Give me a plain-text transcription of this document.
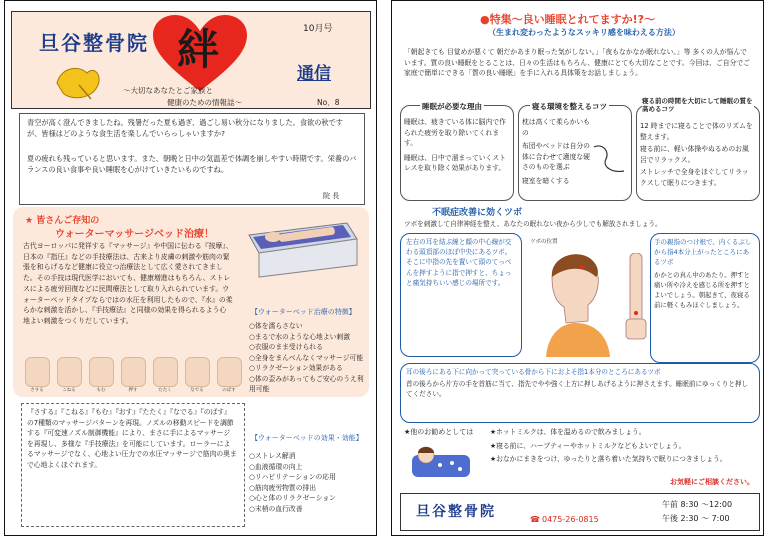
旦谷整骨院 絆	10月号
通信
～大切なあなたとご家族と
健康のための情報誌～	No．8
青空が高く澄んできましたね。残暑だった夏も過ぎ、過ごし易い秋分になりました。食欲の秋ですが、皆様はどのような食生活を楽しんでいらっしゃいますか?
夏の疲れも残っていると思います。また、朝晩と日中の気温差で体調を崩しやすい時期です。栄養のバランスの良い食事や良い睡眠を心がけていきたいものですね。
院 長
★ 皆さんご存知の
ウォーターマッサージベッド治療！
古代ヨーロッパに発祥する『マッサージ』や中国に伝わる『按摩』、日本の『指圧』などの手技療法は、古来より皮膚の刺激や筋肉の緊張を和らげるなど健康に役立つ治療法として広く愛されてきました。その手技は現代医学においても、健康増進はもちろん、ストレスによる疲労回復などに民間療法として取り入れられています。ウォーターベッドタイプならではの水圧を利用したもので、『水』の柔らかな刺激を活かし、『手技療法』と同様の効果を得られるよう心地よい刺激をつくりだしています。
さする	こねる	もむ	押す	たたく	なでる	のばす
【ウォーターベッド治療の特徴】
○体を濡らさない
○まるで水のような心地よい刺激
○衣服のまま受けられる
○全身をまんべんなくマッサージ可能
○リラクゼーション効果がある
○体の歪みがあってもご安心のうえ利用可能
『さする』『こねる』『もむ』『おす』『たたく』『なでる』『のばす』の7種類のマッサージパターンを再現。ノズルの移動スピードを調節する『可変速ノズル制御機能』により、まさに手によるマッサージを再現し、多様な『手技療法』を可能にしています。ローラーによるマッサージでなく、心地よい圧力での水圧マッサージで筋肉の奥まで心地よくほぐれます。
【ウォーターベッドの効果・効能】
○ストレス解消
○血液循環の向上
○リハビリテーションの応用
○筋肉疲労物質の排出
○心と体のリラクゼーション
○末梢の血行改善
●特集～良い睡眠とれてますか!?～
（生まれ変わったようなスッキリ感を味わえる方法）
「朝起きても 目覚めが悪くて 朝だかあまり眠った気がしない。」「夜もなかなか眠れない。」等 多くの人が悩んでいます。質の良い睡眠をとることは、日々の生活はもちろん、健康にとても大切なことです。今回は、ご自分でご家庭で簡単にできる「質の良い睡眠」を手に入れる具体策をお話しましょう。
睡眠が必要な理由
睡眠は、疲きている体に脳内で作られた疲労を取り除いてくれます。
睡眠は、日中で溜まっていくストレスを取り除く効果があります。
寝る環境を整えるコツ
枕は高くて柔らかいもの
布団やベッドは自分の体に合わせて適度な硬さのものを選ぶ
寝室を暗くする
寝る前の時間を大切にして睡眠の質を高めるコツ
12 時までに寝ることで体のリズムを整えます。
寝る前に、軽い体操やぬるめのお風呂でリラックス。
ストレッチで全身をほぐしてリラックスして眠りにつきます。
不眠症改善に効くツボ
ツボを刺激して自律神経を整え、あなたの眠れない夜から少しでも解放されましょう。
左右の耳を結ぶ線と顔の中心線が交わる頭頂部のほぼ中央にあるツボ。そこに中指の先を置いて頭のてっぺんを押すように指で押すと、ちょっと痛気持ちいい感じの場所です。
ツボの位置	手の親指のつけ根で、内くるぶしから指4本分上がったところにあるツボ
かかとの真ん中のあたり。押すと痛い所や冷えを感じる所を押すとよいでしょう。朝起きて、夜寝る前に軽くもみほぐしましょう。
耳の後ろにある下に向かって突っている骨から下におよそ指1本分のところにあるツボ
首の後ろから片方の手を首筋に当て、指先でやや強く上方に押しあげるように押さえます。睡眠前にゆっくりと押してください。
★他のお勧めとしては ★ホットミルクは、体を温めるので飲みましょう。
★寝る前に、ハーブティーやホットミルクなどもよいでしょう。
★おなかにまきをつけ、ゆったりと落ち着いた気持ちで眠りにつきましょう。
お気軽にご相談ください。
旦谷整骨院	☎ 0475-26-0815
午前 8:30 ～12:00
午後 2:30 ～ 7:00
